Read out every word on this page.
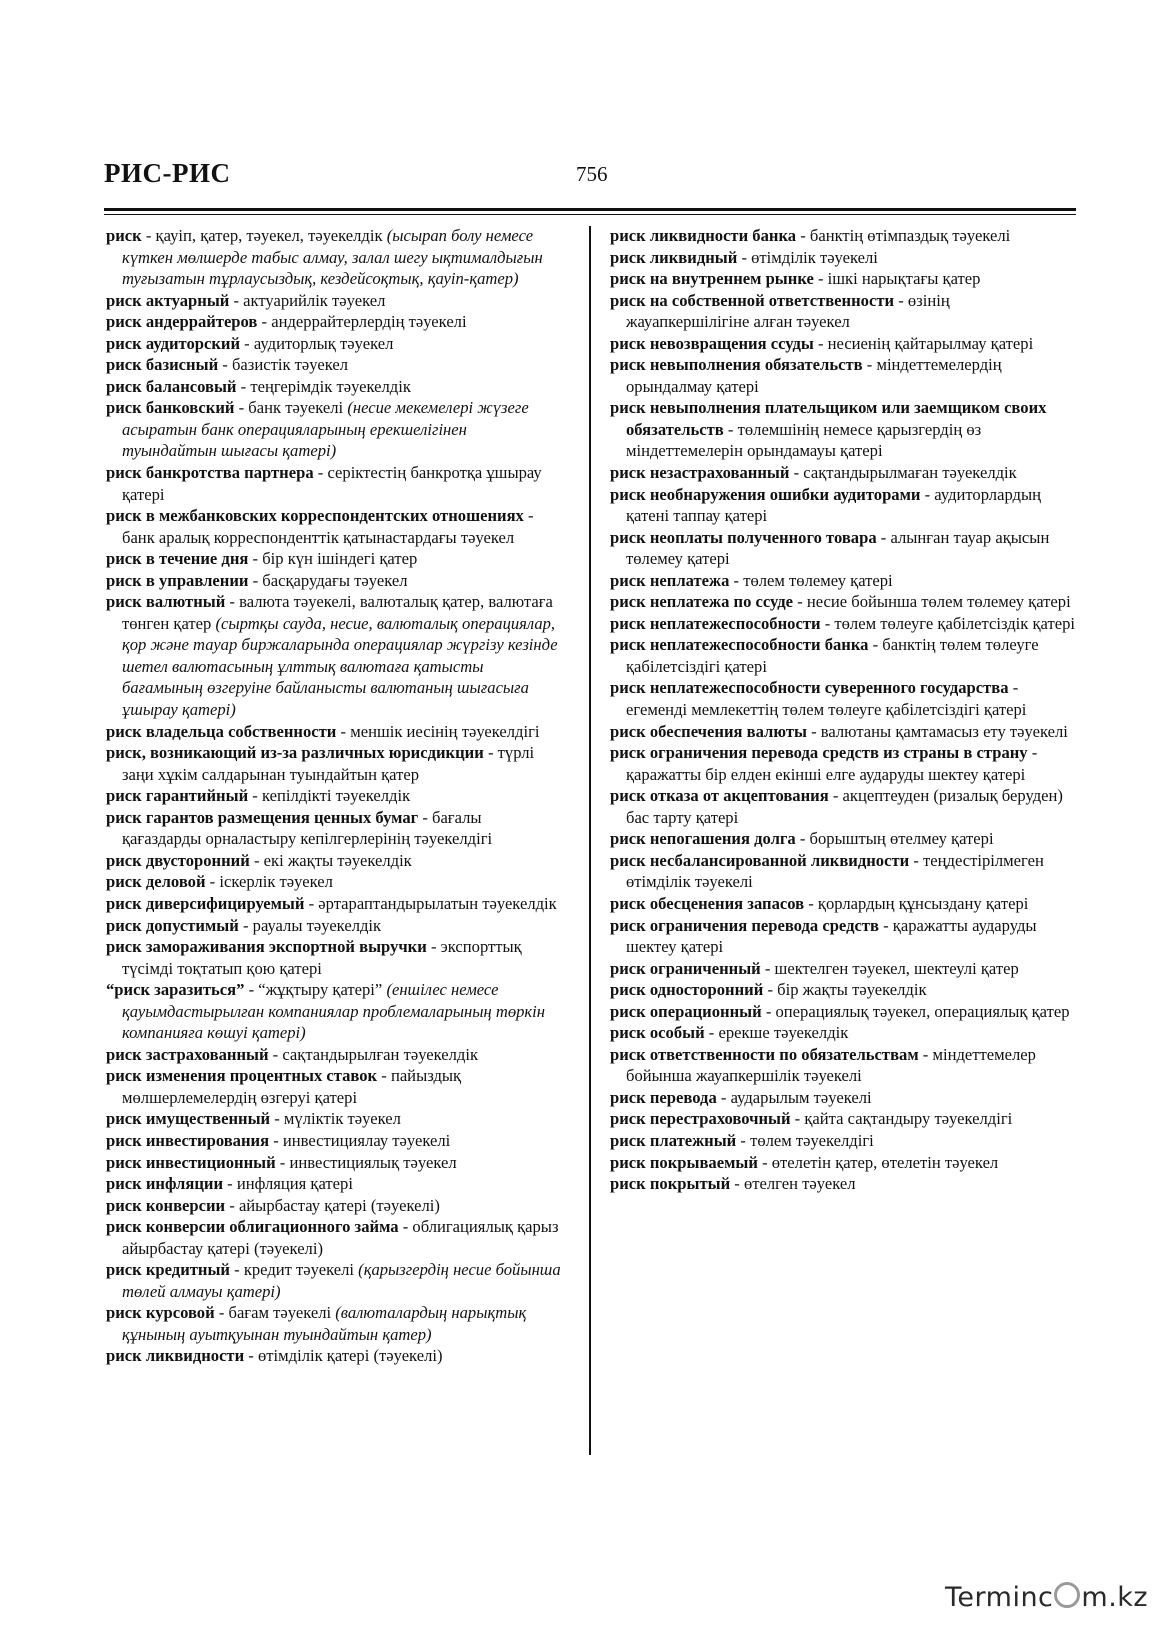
РИС-РИС	756

риск - қауіп, қатер, тәуекел, тәуекелдік (ысырап болу немесе күткен мөлшерде табыс алмау, залал шегу ықтималдығын туғызатын тұрлаусыздық, кездейсоқтық, қауіп-қатер)

риск актуарный - актуарийлік тәуекел

риск андеррайтеров - андеррайтерлердің тәуекелі

риск аудиторский - аудиторлық тәуекел

риск базисный - базистік тәуекел

риск балансовый - теңгерімдік тәуекелдік

риск банковский - банк тәуекелі (несие мекемелері жүзеге асыратын банк операцияларының ерекшелігінен туындайтын шығасы қатері)

риск банкротства партнера - серіктестің банкротқа ұшырау қатері

риск в межбанковских корреспондентских отношениях - банк аралық корреспонденттік қатынастардағы тәуекел

риск в течение дня - бір күн ішіндегі қатер

риск в управлении - басқарудағы тәуекел

риск валютный - валюта тәуекелі, валюталық қатер, валютаға төнген қатер (сыртқы сауда, несие, валюталық операциялар, қор және тауар биржаларында операциялар жүргізу кезінде шетел валютасының ұлттық валютаға қатысты бағамының өзгеруіне байланысты валютаның шығасыға ұшырау қатері)

риск владельца собственности - меншік иесінің тәуекелдігі

риск, возникающий из-за различных юрисдикции - түрлі заңи хұкім салдарынан туындайтын қатер

риск гарантийный - кепілдікті тәуекелдік

риск гарантов размещения ценных бумаг - бағалы қағаздарды орналастыру кепілгерлерінің тәуекелдігі

риск двусторонний - екі жақты тәуекелдік

риск деловой - іскерлік тәуекел

риск диверсифицируемый - әртараптандырылатын тәуекелдік

риск допустимый - рауалы тәуекелдік

риск замораживания экспортной выручки - экспорттық түсімді тоқтатып қою қатері

“риск заразиться” - “жұқтыру қатері” (еншілес немесе қауымдастырылған компаниялар проблемаларының төркін компанияға көшуі қатері)

риск застрахованный - сақтандырылған тәуекелдік

риск изменения процентных ставок - пайыздық мөлшерлемелердің өзгеруі қатері

риск имущественный - мүліктік тәуекел

риск инвестирования - инвестициялау тәуекелі

риск инвестиционный - инвестициялық тәуекел

риск инфляции - инфляция қатері

риск конверсии - айырбастау қатері (тәуекелі)

риск конверсии облигационного займа - облигациялық қарыз айырбастау қатері (тәуекелі)

риск кредитный - кредит тәуекелі (қарызгердің несие бойынша төлей алмауы қатері)

риск курсовой - бағам тәуекелі (валюталардың нарықтық құнының ауытқуынан туындайтын қатер)

риск ликвидности - өтімділік қатері (тәуекелі)

риск ликвидности банка - банктің өтімпаздық тәуекелі

риск ликвидный - өтімділік тәуекелі

риск на внутреннем рынке - ішкі нарықтағы қатер

риск на собственной ответственности - өзінің жауапкершілігіне алған тәуекел

риск невозвращения ссуды - несиенің қайтарылмау қатері

риск невыполнения обязательств - міндеттемелердің орындалмау қатері

риск невыполнения плательщиком или заемщиком своих обязательств - төлемшінің немесе қарызгердің өз міндеттемелерін орындамауы қатері

риск незастрахованный - сақтандырылмаған тәуекелдік

риск необнаружения ошибки аудиторами - аудиторлардың қатені таппау қатері

риск неоплаты полученного товара - алынған тауар ақысын төлемеу қатері

риск неплатежа - төлем төлемеу қатері

риск неплатежа по ссуде - несие бойынша төлем төлемеу қатері

риск неплатежеспособности - төлем төлеуге қабілетсіздік қатері

риск неплатежеспособности банка - банктің төлем төлеуге қабілетсіздігі қатері

риск неплатежеспособности суверенного государства - егеменді мемлекеттің төлем төлеуге қабілетсіздігі қатері

риск обеспечения валюты - валютаны қамтамасыз ету тәуекелі

риск ограничения перевода средств из страны в страну - қаражатты бір елден екінші елге аударуды шектеу қатері

риск отказа от акцептования - акцептеуден (ризалық беруден) бас тарту қатері

риск непогашения долга - борыштың өтелмеу қатері

риск несбалансированной ликвидности - теңдестірілмеген өтімділік тәуекелі

риск обесценения запасов - қорлардың құнсыздану қатері

риск ограничения перевода средств - қаражатты аударуды шектеу қатері

риск ограниченный - шектелген тәуекел, шектеулі қатер

риск односторонний - бір жақты тәуекелдік

риск операционный - операциялық тәуекел, операциялық қатер

риск особый - ерекше тәуекелдік

риск ответственности по обязательствам - міндеттемелер бойынша жауапкершілік тәуекелі

риск перевода - аударылым тәуекелі

риск перестраховочный - қайта сақтандыру тәуекелдігі

риск платежный - төлем тәуекелдігі

риск покрываемый - өтелетін қатер, өтелетін тәуекел

риск покрытый - өтелген тәуекел

Terminc m.kz
